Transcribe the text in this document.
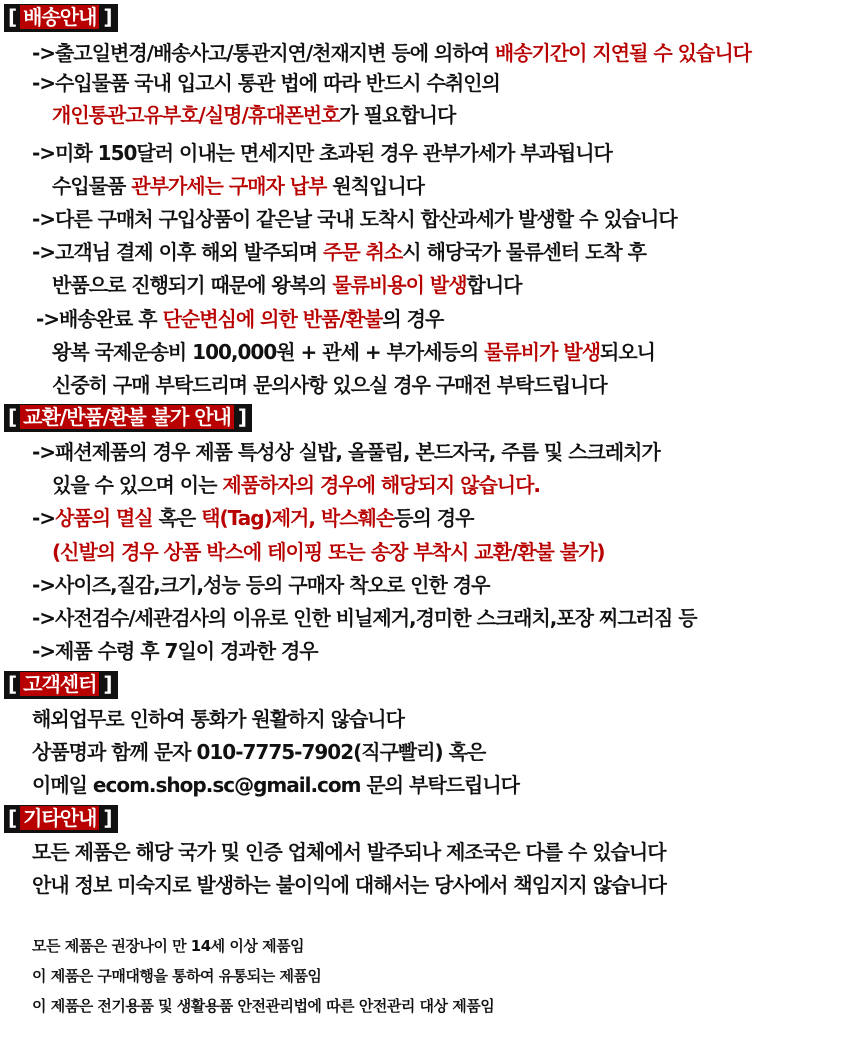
[ 배송안내 ]
->출고일변경/배송사고/통관지연/천재지변 등에 의하여 배송기간이 지연될 수 있습니다
->수입물품 국내 입고시 통관 법에 따라 반드시 수취인의
개인통관고유부호/실명/휴대폰번호가 필요합니다
->미화 150달러 이내는 면세지만 초과된 경우 관부가세가 부과됩니다
수입물품 관부가세는 구매자 납부 원칙입니다
->다른 구매처 구입상품이 같은날 국내 도착시 합산과세가 발생할 수 있습니다
->고객님 결제 이후 해외 발주되며 주문 취소시 해당국가 물류센터 도착 후
반품으로 진행되기 때문에 왕복의 물류비용이 발생합니다
->배송완료 후 단순변심에 의한 반품/환불의 경우
왕복 국제운송비 100,000원 + 관세 + 부가세등의 물류비가 발생되오니
신중히 구매 부탁드리며 문의사항 있으실 경우 구매전 부탁드립니다
[ 교환/반품/환불 불가 안내 ]
->패션제품의 경우 제품 특성상 실밥, 올풀림, 본드자국, 주름 및 스크레치가
있을 수 있으며 이는 제품하자의 경우에 해당되지 않습니다.
->상품의 멸실 혹은 택(Tag)제거, 박스훼손등의 경우
(신발의 경우 상품 박스에 테이핑 또는 송장 부착시 교환/환불 불가)
->사이즈,질감,크기,성능 등의 구매자 착오로 인한 경우
->사전검수/세관검사의 이유로 인한 비닐제거,경미한 스크래치,포장 찌그러짐 등
->제품 수령 후 7일이 경과한 경우
[ 고객센터 ]
해외업무로 인하여 통화가 원활하지 않습니다
상품명과 함께 문자 010-7775-7902(직구빨리) 혹은
이메일 ecom.shop.sc@gmail.com 문의 부탁드립니다
[ 기타안내 ]
모든 제품은 해당 국가 및 인증 업체에서 발주되나 제조국은 다를 수 있습니다
안내 정보 미숙지로 발생하는 불이익에 대해서는 당사에서 책임지지 않습니다
모든 제품은 권장나이 만 14세 이상 제품임
이 제품은 구매대행을 통하여 유통되는 제품임
이 제품은 전기용품 및 생활용품 안전관리법에 따른 안전관리 대상 제품임
